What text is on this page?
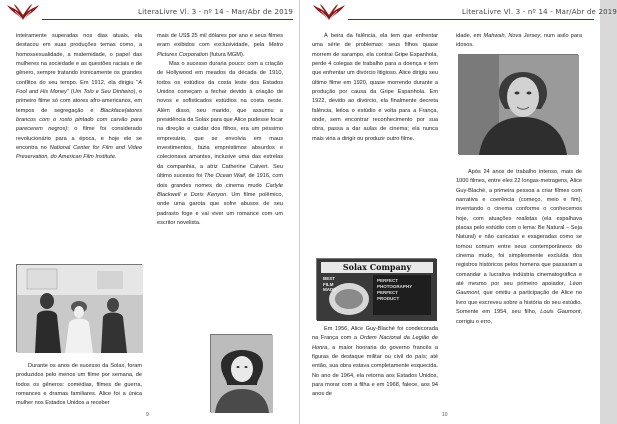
LiteraLivre Vl. 3 - nº 14 - Mar/Abr de 2019

inteiramente superadas nos dias atuais, ela destacou em suas produções temas como, a homossexualidade, a maternidade, o papel das mulheres na sociedade e as questões raciais e de gênero, sempre tratando ironicamente os grandes conflitos do seu tempo. Em 1912, ela dirigiu "A Fool and His Money" (Um Tolo e Seu Dinheiro), o primeiro filme só com atores afro-americanos, em tempos de segregação e Blackface(atores brancos com o rosto pintado com carvão para parecerem negros); o filme foi considerado revolucionário para a época, e hoje ele se encontra no National Center for Film and Video Preservation, do American Film Institute.

Durante os anos de sucesso da Solax, foram produzidos pelo menos um filme por semana, de todos os gêneros: comédias, filmes de guerra, romances e dramas familiares. Alice foi a única mulher nos Estados Unidos a receber

mais de US$ 25 mil dólares por ano e seus filmes eram exibidos com exclusividade, pela Metro Pictures Corporation (futura MGM).

Mas o sucesso duraria pouco: com a criação de Hollywood em meados da década de 1910, todos os estúdios da costa leste dos Estados Unidos começam a fechar devido à criação de novos e sofisticados estúdios na costa oeste. Além disso, seu marido, que assumiu a presidência da Solax para que Alice pudesse focar na direção e cuidar dos filhos, era um péssimo empresário, que se envolvia em maus investimentos, fazia empréstimos absurdos e colecionava amantes, inclusive uma das estrelas da companhia, a atriz Catherine Calvert. Seu último sucesso foi The Ocean Waif, de 1916, com dois grandes nomes do cinema mudo Carlyle Blackwell e Doris Kenyon. Um filme polêmico, onde uma garota que sofre abusos de seu padrasto foge e vai viver um romance com um escritor novelista.

9
LiteraLivre Vl. 3 - nº 14 - Mar/Abr de 2019

À beira da falência, ela tem que enfrentar uma série de problemas: seus filhos quase morrem de sarampo, ela contrai Gripe Espanhola, perde 4 colegas de trabalho para a doença e tem que enfrentar um divórcio litigioso. Alice dirigiu seu último filme em 1920, quase morrendo durante a produção por causa da Gripe Espanhola. Em 1922, devido ao divórcio, ela finalmente decreta falência, leiloa o estúdio e volta para a França, onde, sem encontrar reconhecimento por sua obra, passa a dar aulas de cinema; ela nunca mais viria a dirigir ou produzir outro filme.

Solax Company
BEST
FILM
MADE
PERFECT
PHOTOGRAPHY
PERFECT
PRODUCT

Em 1956, Alice Guy-Blaché foi condecorada na França com a Ordem Nacional da Legião de Honra, a maior honraria do governo francês a figuras de destaque militar ou civil do país; até então, sua obra estava completamente esquecida. No ano de 1964, ela retorna aos Estados Unidos, para morar com a filha e em 1968, falece, aos 94 anos de

idade, em Mahwah, Nova Jersey, num asilo para idosos.

Após 24 anos de trabalho intenso, mais de 1000 filmes, entre eles 22 longas-metragens, Alice Guy-Blaché, a primeira pessoa a criar filmes com narrativa e coerência (começo, meio e fim), inventando o cinema conforme o conhecemos hoje, com atuações realistas (ela espalhava placas pelo estúdio com o lema: Be Natural – Seja Natural) e não caricatas e exageradas como se tornou comum entre seus contemporâneos do cinema mudo, foi simplesmente excluída dos registros históricos pelos homens que passaram a comandar a lucrativa indústria cinematográfica e até mesmo por seu primeiro apoiador, Léon Gaumont, que omitiu a participação de Alice no livro que escreveu sobre a história do seu estúdio. Somente em 1954, seu filho, Louis Gaumont, corrigiu o erro,

10
